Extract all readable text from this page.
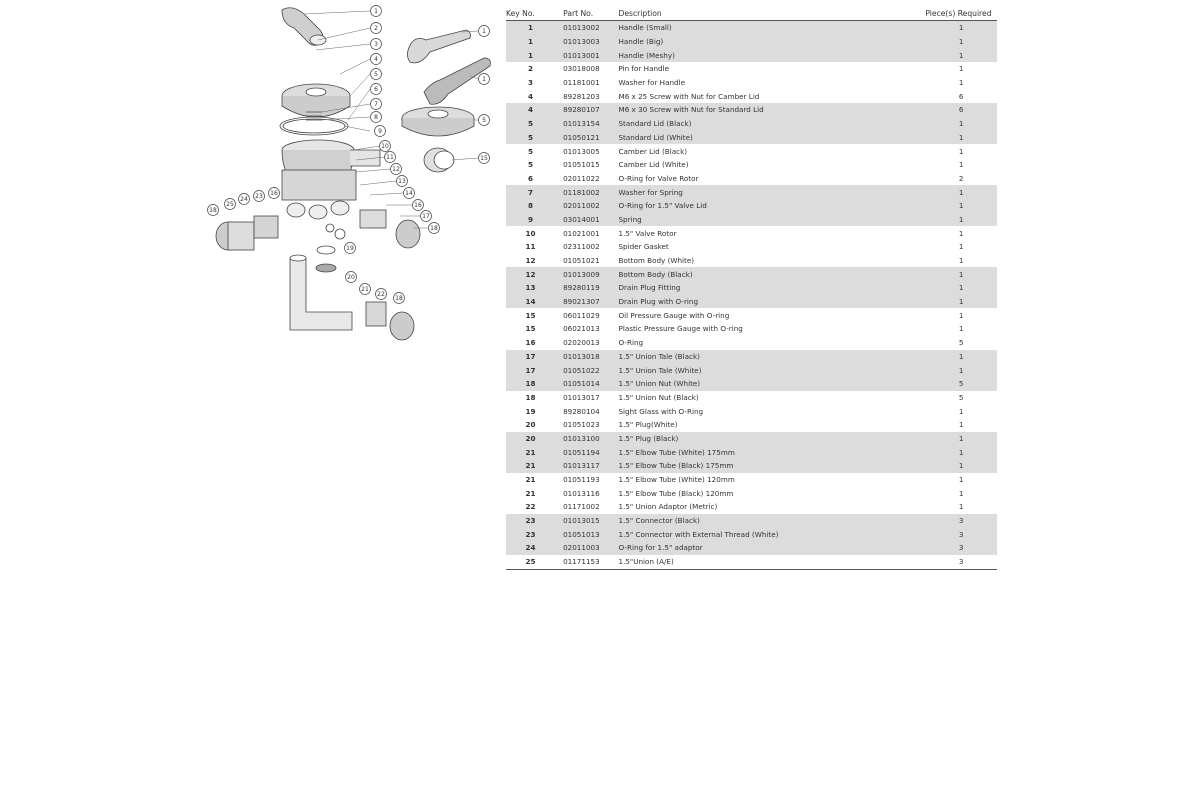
1
2
3
4
5
6
7
8
9
10
11
12
13
14
15
16
17
18
19
20
21
22
23
24
25
1
1
5
18
16
18
Key No.	Part No.	Description	Piece(s) Required
1	01013002	Handle (Small)	1
1	01013003	Handle (Big)	1
1	01013001	Handle (Meshy)	1
2	03018008	Pin for Handle	1
3	01181001	Washer for Handle	1
4	89281203	M6 x 25 Screw with Nut for Camber Lid	6
4	89280107	M6 x 30 Screw with Nut for Standard Lid	6
5	01013154	Standard Lid (Black)	1
5	01050121	Standard Lid (White)	1
5	01013005	Camber Lid (Black)	1
5	01051015	Camber Lid (White)	1
6	02011022	O-Ring for Valve Rotor	2
7	01181002	Washer for Spring	1
8	02011002	O-Ring for 1.5" Valve Lid	1
9	03014001	Spring	1
10	01021001	1.5" Valve Rotor	1
11	02311002	Spider Gasket	1
12	01051021	Bottom Body (White)	1
12	01013009	Bottom Body (Black)	1
13	89280119	Drain Plug Fitting	1
14	89021307	Drain Plug with O-ring	1
15	06011029	Oil Pressure Gauge with O-ring	1
15	06021013	Plastic Pressure Gauge with O-ring	1
16	02020013	O-Ring	5
17	01013018	1.5" Union Tale (Black)	1
17	01051022	1.5" Union Tale (White)	1
18	01051014	1.5" Union Nut (White)	5
18	01013017	1.5" Union Nut (Black)	5
19	89280104	Sight Glass with O-Ring	1
20	01051023	1.5" Plug(White)	1
20	01013100	1.5" Plug (Black)	1
21	01051194	1.5" Elbow Tube (White) 175mm	1
21	01013117	1.5" Elbow Tube (Black) 175mm	1
21	01051193	1.5" Elbow Tube (White) 120mm	1
21	01013116	1.5" Elbow Tube (Black) 120mm	1
22	01171002	1.5" Union Adaptor (Metric)	1
23	01013015	1.5" Connector (Black)	3
23	01051013	1.5" Connector with External Thread (White)	3
24	02011003	O-Ring for 1.5" adaptor	3
25	01171153	1.5"Union (A/E)	3
